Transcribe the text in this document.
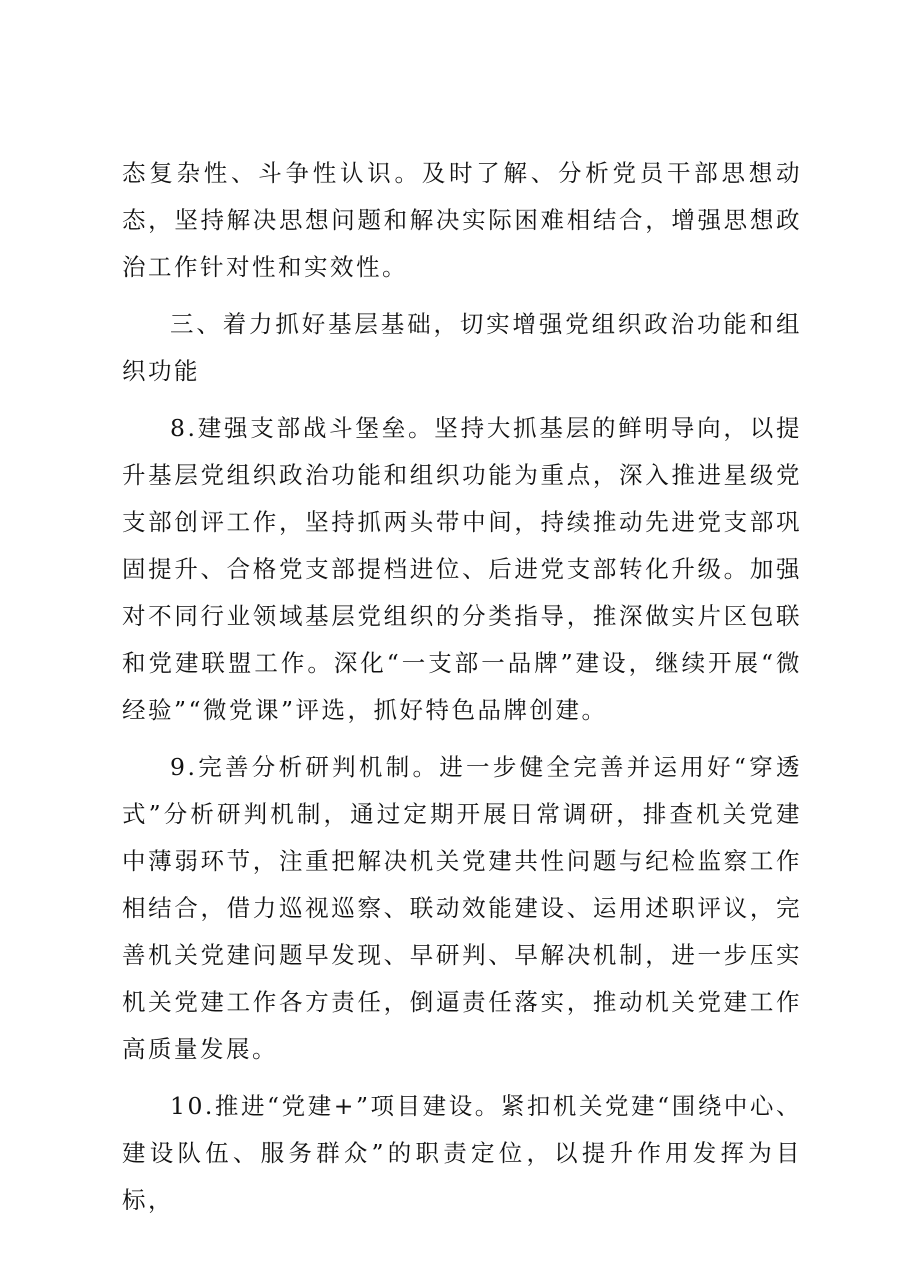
态复杂性、斗争性认识。及时了解、分析党员干部思想动态，坚持解决思想问题和解决实际困难相结合，增强思想政治工作针对性和实效性。

三、着力抓好基层基础，切实增强党组织政治功能和组织功能

8.建强支部战斗堡垒。坚持大抓基层的鲜明导向，以提升基层党组织政治功能和组织功能为重点，深入推进星级党支部创评工作，坚持抓两头带中间，持续推动先进党支部巩固提升、合格党支部提档进位、后进党支部转化升级。加强对不同行业领域基层党组织的分类指导，推深做实片区包联和党建联盟工作。深化“一支部一品牌”建设，继续开展“微经验”“微党课”评选，抓好特色品牌创建。

9.完善分析研判机制。进一步健全完善并运用好“穿透式”分析研判机制，通过定期开展日常调研，排查机关党建中薄弱环节，注重把解决机关党建共性问题与纪检监察工作相结合，借力巡视巡察、联动效能建设、运用述职评议，完善机关党建问题早发现、早研判、早解决机制，进一步压实机关党建工作各方责任，倒逼责任落实，推动机关党建工作高质量发展。

10.推进“党建+”项目建设。紧扣机关党建“围绕中心、建设队伍、服务群众”的职责定位，以提升作用发挥为目标，
